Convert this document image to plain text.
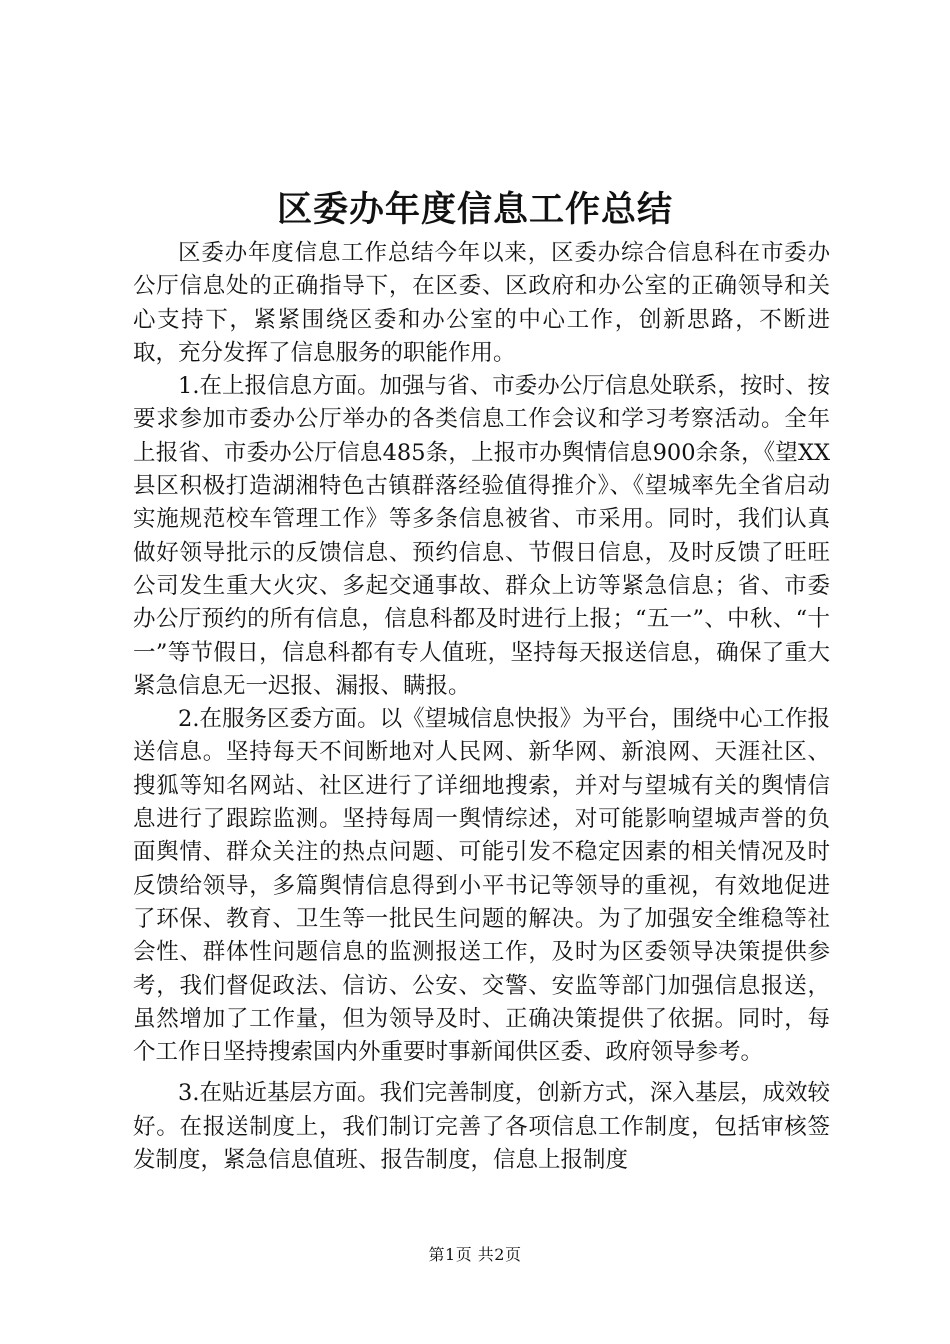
区委办年度信息工作总结

区委办年度信息工作总结今年以来，区委办综合信息科在市委办公厅信息处的正确指导下，在区委、区政府和办公室的正确领导和关心支持下，紧紧围绕区委和办公室的中心工作，创新思路，不断进取，充分发挥了信息服务的职能作用。

1.在上报信息方面。加强与省、市委办公厅信息处联系，按时、按要求参加市委办公厅举办的各类信息工作会议和学习考察活动。全年上报省、市委办公厅信息485条，上报市办舆情信息900余条，《望XX县区积极打造湖湘特色古镇群落经验值得推介》、《望城率先全省启动实施规范校车管理工作》等多条信息被省、市采用。同时，我们认真做好领导批示的反馈信息、预约信息、节假日信息，及时反馈了旺旺公司发生重大火灾、多起交通事故、群众上访等紧急信息；省、市委办公厅预约的所有信息，信息科都及时进行上报；“五一”、中秋、“十一”等节假日，信息科都有专人值班，坚持每天报送信息，确保了重大紧急信息无一迟报、漏报、瞒报。

2.在服务区委方面。以《望城信息快报》为平台，围绕中心工作报送信息。坚持每天不间断地对人民网、新华网、新浪网、天涯社区、搜狐等知名网站、社区进行了详细地搜索，并对与望城有关的舆情信息进行了跟踪监测。坚持每周一舆情综述，对可能影响望城声誉的负面舆情、群众关注的热点问题、可能引发不稳定因素的相关情况及时反馈给领导，多篇舆情信息得到小平书记等领导的重视，有效地促进了环保、教育、卫生等一批民生问题的解决。为了加强安全维稳等社会性、群体性问题信息的监测报送工作，及时为区委领导决策提供参考，我们督促政法、信访、公安、交警、安监等部门加强信息报送，虽然增加了工作量，但为领导及时、正确决策提供了依据。同时，每个工作日坚持搜索国内外重要时事新闻供区委、政府领导参考。

3.在贴近基层方面。我们完善制度，创新方式，深入基层，成效较好。在报送制度上，我们制订完善了各项信息工作制度，包括审核签发制度，紧急信息值班、报告制度，信息上报制度

第1页 共2页
